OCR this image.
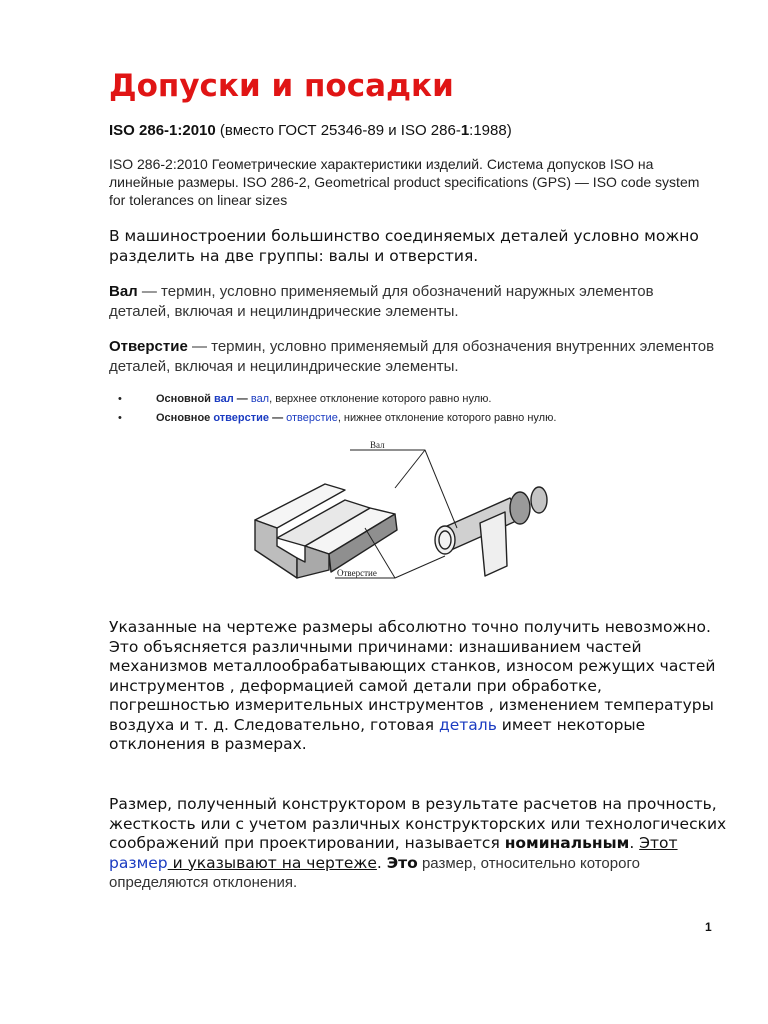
Допуски и посадки
ISO 286-1:2010 (вместо ГОСТ 25346-89 и ISO 286-1:1988)
ISO 286-2:2010 Геометрические характеристики изделий. Система допусков ISO на линейные размеры. ISO 286-2, Geometrical product specifications (GPS) — ISO code system for tolerances on linear sizes
В машиностроении большинство соединяемых деталей условно можно разделить на две группы: валы и отверстия.
Вал — термин, условно применяемый для обозначений наружных элементов деталей, включая и нецилиндрические элементы.
Отверстие — термин, условно применяемый для обозначения внутренних элементов деталей, включая и нецилиндрические элементы.
•	Основной вал — вал, верхнее отклонение которого равно нулю.
•	Основное отверстие — отверстие, нижнее отклонение которого равно нулю.
Вал
Отверстие
Указанные на чертеже размеры абсолютно точно получить невозможно. Это объясняется различными причинами: изнашиванием частей механизмов металлообрабатывающих станков, износом режущих частей инструментов , деформацией самой детали при обработке, погрешностью измерительных инструментов , изменением температуры воздуха и т. д. Следовательно, готовая деталь имеет некоторые отклонения в размерах.
Размер, полученный конструктором в результате расчетов на прочность, жесткость или с учетом различных конструкторских или технологических соображений при проектировании, называется номинальным. Этот размер и указывают на чертеже. Это размер, относительно которого определяются отклонения.
1
